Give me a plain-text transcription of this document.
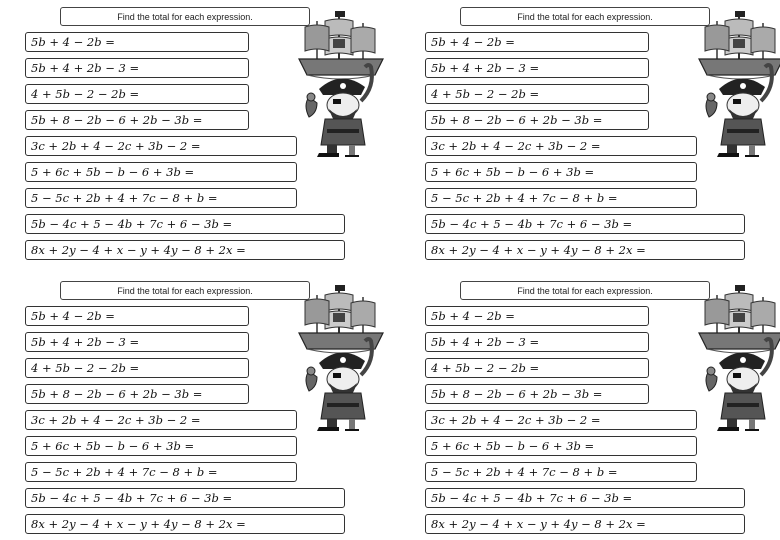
Find the total for each expression.
5b + 4 − 2b =
5b + 4 + 2b − 3 =
4 + 5b − 2 − 2b =
5b + 8 − 2b − 6 + 2b − 3b =
3c + 2b + 4 − 2c + 3b − 2 =
5 + 6c + 5b − b − 6 + 3b =
5 − 5c + 2b + 4 + 7c − 8 + b =
5b − 4c + 5 − 4b + 7c + 6 − 3b =
8x + 2y − 4 + x − y + 4y − 8 + 2x =
Find the total for each expression.
5b + 4 − 2b =
5b + 4 + 2b − 3 =
4 + 5b − 2 − 2b =
5b + 8 − 2b − 6 + 2b − 3b =
3c + 2b + 4 − 2c + 3b − 2 =
5 + 6c + 5b − b − 6 + 3b =
5 − 5c + 2b + 4 + 7c − 8 + b =
5b − 4c + 5 − 4b + 7c + 6 − 3b =
8x + 2y − 4 + x − y + 4y − 8 + 2x =
Find the total for each expression.
5b + 4 − 2b =
5b + 4 + 2b − 3 =
4 + 5b − 2 − 2b =
5b + 8 − 2b − 6 + 2b − 3b =
3c + 2b + 4 − 2c + 3b − 2 =
5 + 6c + 5b − b − 6 + 3b =
5 − 5c + 2b + 4 + 7c − 8 + b =
5b − 4c + 5 − 4b + 7c + 6 − 3b =
8x + 2y − 4 + x − y + 4y − 8 + 2x =
Find the total for each expression.
5b + 4 − 2b =
5b + 4 + 2b − 3 =
4 + 5b − 2 − 2b =
5b + 8 − 2b − 6 + 2b − 3b =
3c + 2b + 4 − 2c + 3b − 2 =
5 + 6c + 5b − b − 6 + 3b =
5 − 5c + 2b + 4 + 7c − 8 + b =
5b − 4c + 5 − 4b + 7c + 6 − 3b =
8x + 2y − 4 + x − y + 4y − 8 + 2x =
